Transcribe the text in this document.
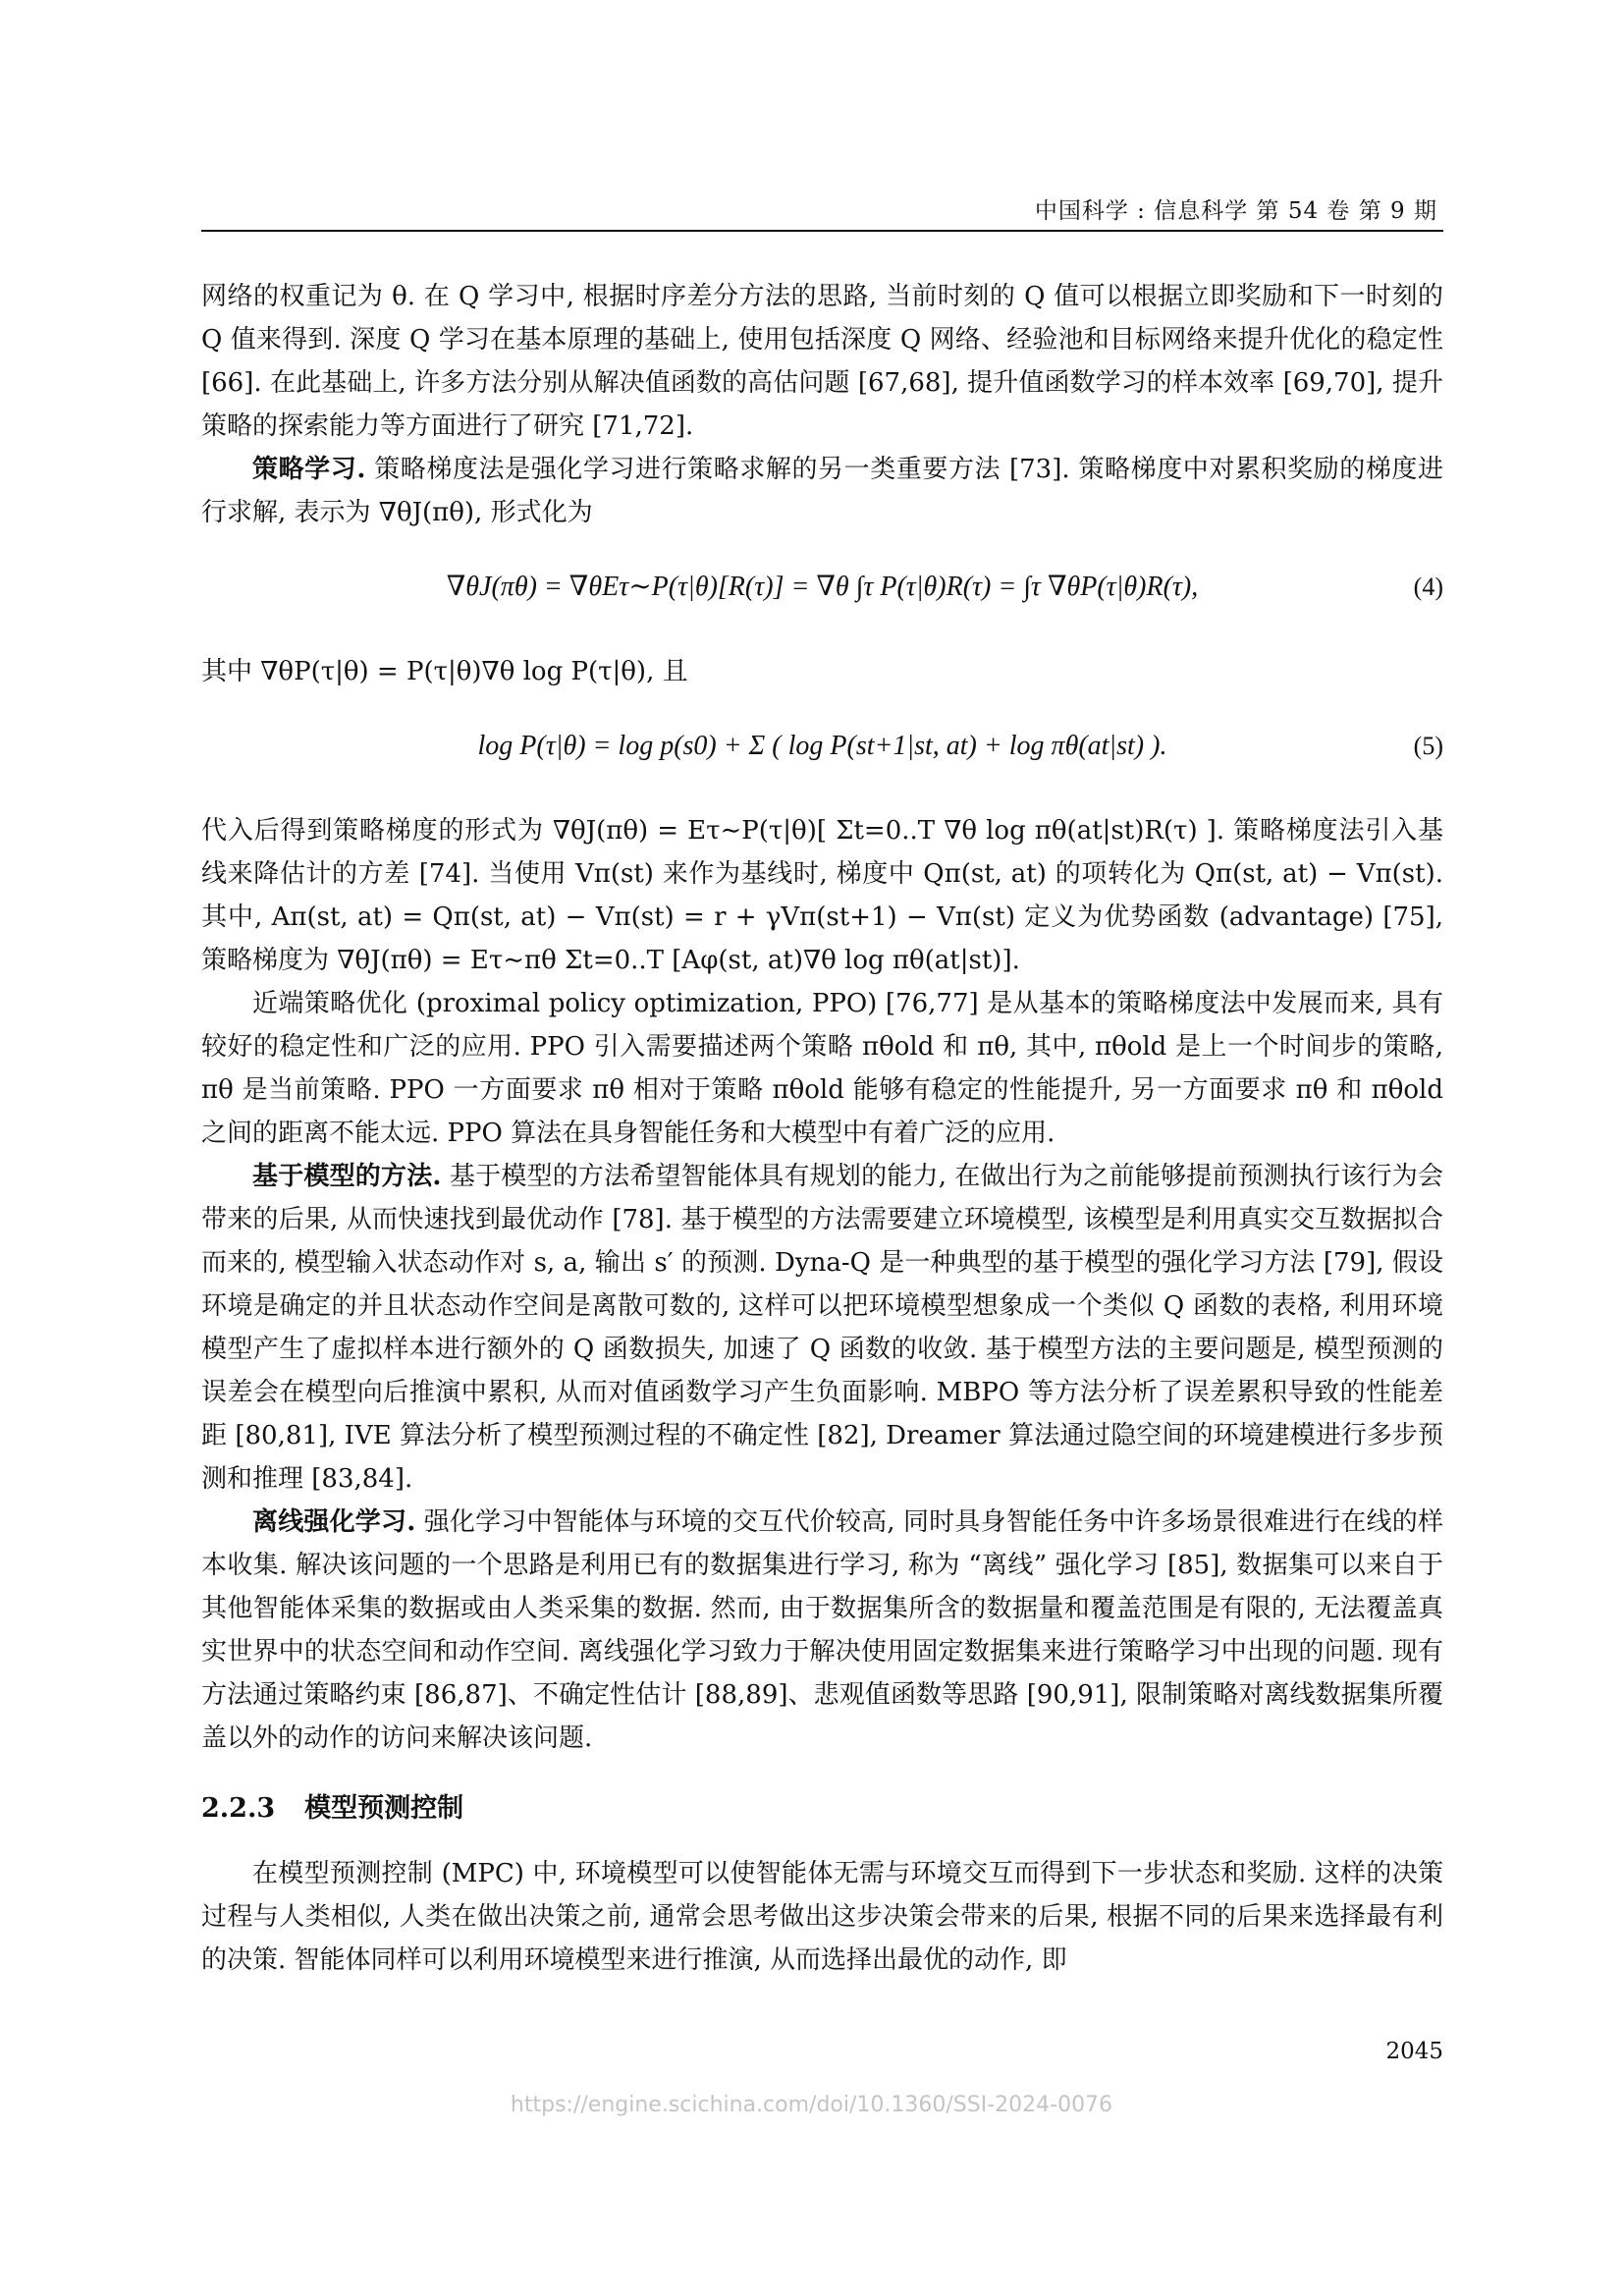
中国科学 : 信息科学 第 54 卷 第 9 期

网络的权重记为 θ. 在 Q 学习中, 根据时序差分方法的思路, 当前时刻的 Q 值可以根据立即奖励和下一时刻的 Q 值来得到. 深度 Q 学习在基本原理的基础上, 使用包括深度 Q 网络、经验池和目标网络来提升优化的稳定性 [66]. 在此基础上, 许多方法分别从解决值函数的高估问题 [67,68], 提升值函数学习的样本效率 [69,70], 提升策略的探索能力等方面进行了研究 [71,72].

策略学习. 策略梯度法是强化学习进行策略求解的另一类重要方法 [73]. 策略梯度中对累积奖励的梯度进行求解, 表示为 ∇θJ(πθ), 形式化为

∇θJ(πθ) = ∇θEτ∼P(τ|θ)[R(τ)] = ∇θ ∫τ P(τ|θ)R(τ) = ∫τ ∇θP(τ|θ)R(τ),	(4)

其中 ∇θP(τ|θ) = P(τ|θ)∇θ log P(τ|θ), 且

log P(τ|θ) = log p(s0) + Σ ( log P(st+1|st, at) + log πθ(at|st) ).	(5)

代入后得到策略梯度的形式为 ∇θJ(πθ) = Eτ∼P(τ|θ)[ Σt=0..T ∇θ log πθ(at|st)R(τ) ]. 策略梯度法引入基线来降估计的方差 [74]. 当使用 Vπ(st) 来作为基线时, 梯度中 Qπ(st, at) 的项转化为 Qπ(st, at) − Vπ(st). 其中, Aπ(st, at) = Qπ(st, at) − Vπ(st) = r + γVπ(st+1) − Vπ(st) 定义为优势函数 (advantage) [75], 策略梯度为 ∇θJ(πθ) = Eτ∼πθ Σt=0..T [Aφ(st, at)∇θ log πθ(at|st)].

近端策略优化 (proximal policy optimization, PPO) [76,77] 是从基本的策略梯度法中发展而来, 具有较好的稳定性和广泛的应用. PPO 引入需要描述两个策略 πθold 和 πθ, 其中, πθold 是上一个时间步的策略, πθ 是当前策略. PPO 一方面要求 πθ 相对于策略 πθold 能够有稳定的性能提升, 另一方面要求 πθ 和 πθold 之间的距离不能太远. PPO 算法在具身智能任务和大模型中有着广泛的应用.

基于模型的方法. 基于模型的方法希望智能体具有规划的能力, 在做出行为之前能够提前预测执行该行为会带来的后果, 从而快速找到最优动作 [78]. 基于模型的方法需要建立环境模型, 该模型是利用真实交互数据拟合而来的, 模型输入状态动作对 s, a, 输出 s′ 的预测. Dyna-Q 是一种典型的基于模型的强化学习方法 [79], 假设环境是确定的并且状态动作空间是离散可数的, 这样可以把环境模型想象成一个类似 Q 函数的表格, 利用环境模型产生了虚拟样本进行额外的 Q 函数损失, 加速了 Q 函数的收敛. 基于模型方法的主要问题是, 模型预测的误差会在模型向后推演中累积, 从而对值函数学习产生负面影响. MBPO 等方法分析了误差累积导致的性能差距 [80,81], IVE 算法分析了模型预测过程的不确定性 [82], Dreamer 算法通过隐空间的环境建模进行多步预测和推理 [83,84].

离线强化学习. 强化学习中智能体与环境的交互代价较高, 同时具身智能任务中许多场景很难进行在线的样本收集. 解决该问题的一个思路是利用已有的数据集进行学习, 称为 “离线” 强化学习 [85], 数据集可以来自于其他智能体采集的数据或由人类采集的数据. 然而, 由于数据集所含的数据量和覆盖范围是有限的, 无法覆盖真实世界中的状态空间和动作空间. 离线强化学习致力于解决使用固定数据集来进行策略学习中出现的问题. 现有方法通过策略约束 [86,87]、不确定性估计 [88,89]、悲观值函数等思路 [90,91], 限制策略对离线数据集所覆盖以外的动作的访问来解决该问题.

2.2.3 模型预测控制

在模型预测控制 (MPC) 中, 环境模型可以使智能体无需与环境交互而得到下一步状态和奖励. 这样的决策过程与人类相似, 人类在做出决策之前, 通常会思考做出这步决策会带来的后果, 根据不同的后果来选择最有利的决策. 智能体同样可以利用环境模型来进行推演, 从而选择出最优的动作, 即

2045
https://engine.scichina.com/doi/10.1360/SSI-2024-0076
